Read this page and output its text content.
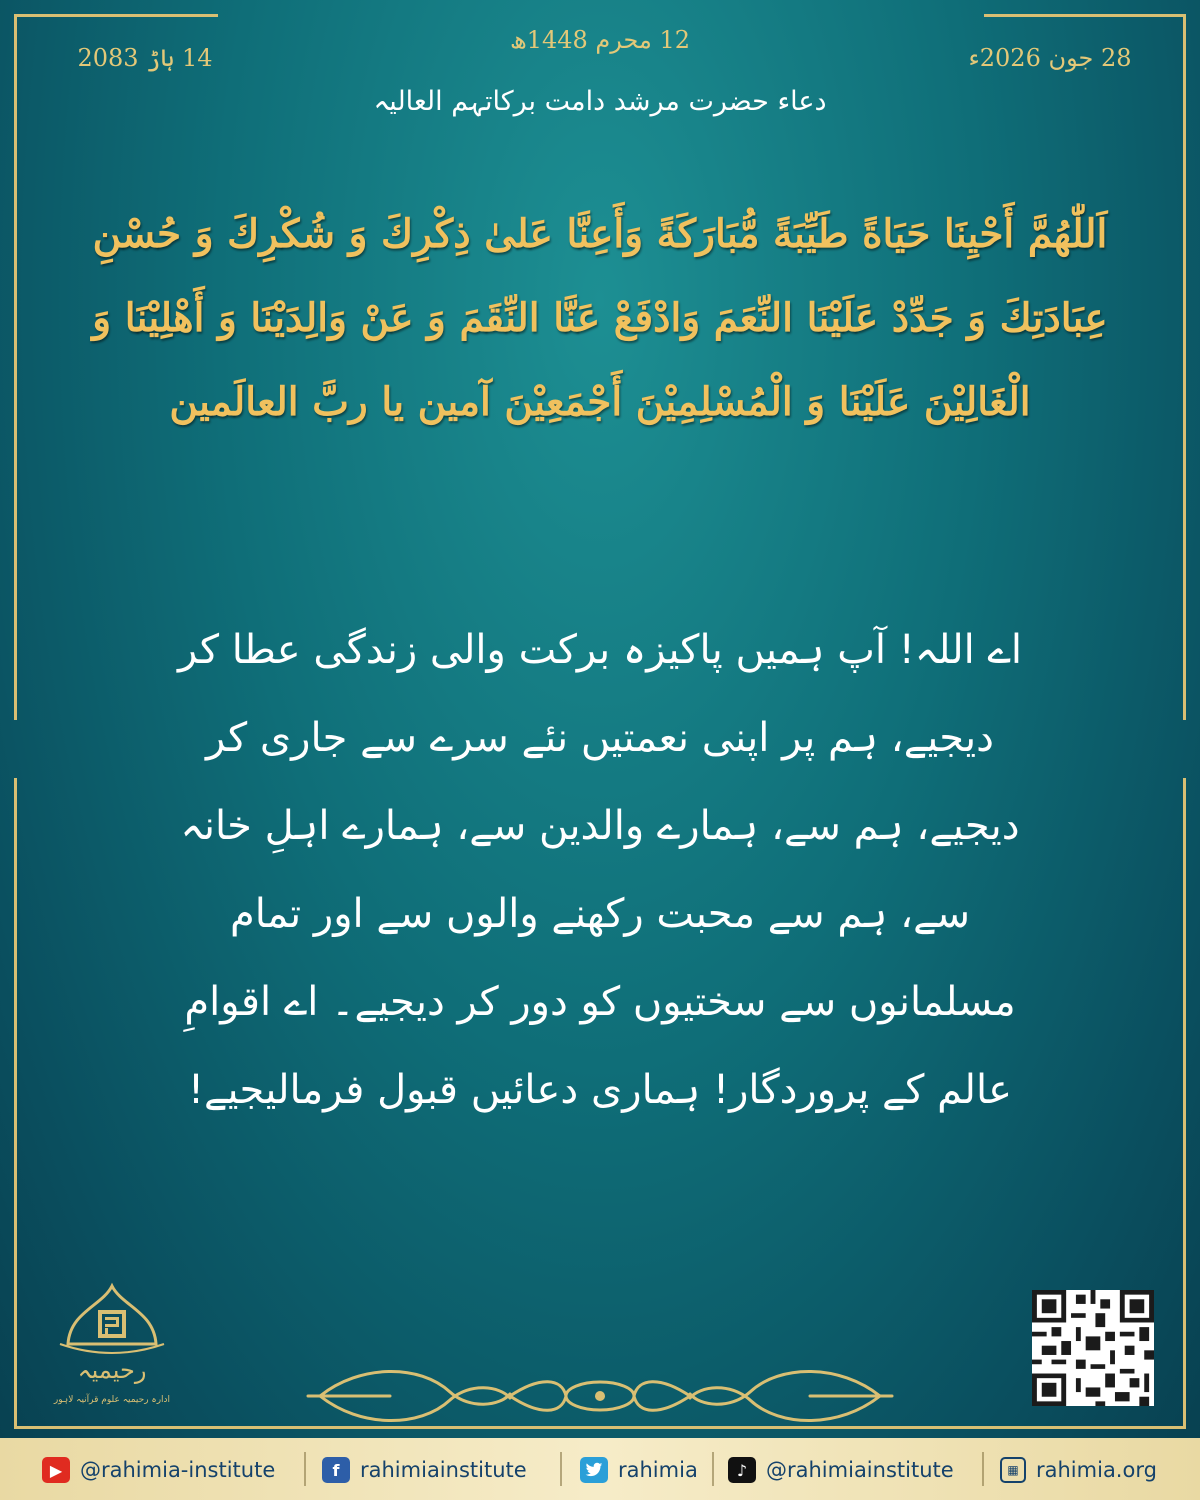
12 محرم 1448ھ
14 ہاڑ 2083	28 جون 2026ء
دعاء حضرت مرشد دامت برکاتہم العالیہ
اَللّٰهُمَّ أَحْيِنَا حَيَاةً طَيِّبَةً مُّبَارَكَةً وَأَعِنَّا عَلىٰ ذِكْرِكَ وَ شُكْرِكَ وَ حُسْنِ عِبَادَتِكَ وَ جَدِّدْ عَلَيْنَا النِّعَمَ وَادْفَعْ عَنَّا النِّقَمَ وَ عَنْ وَالِدَيْنَا وَ أَهْلِيْنَا وَ الْغَالِيْنَ عَلَيْنَا وَ الْمُسْلِمِيْنَ أَجْمَعِيْنَ آمين يا ربَّ العالَمين
اے اللہ! آپ ہمیں پاکیزہ برکت والی زندگی عطا کر دیجیے، ہم پر اپنی نعمتیں نئے سرے سے جاری کر دیجیے، ہم سے، ہمارے والدین سے، ہمارے اہلِ خانہ سے، ہم سے محبت رکھنے والوں سے اور تمام مسلمانوں سے سختیوں کو دور کر دیجیے۔ اے اقوامِ عالم کے پروردگار! ہماری دعائیں قبول فرمالیجیے!
رحیمیہ
ادارہ رحیمیہ علوم قرآنیہ لاہور
▶ @rahimia-institute	f rahimiainstitute	rahimia	♪ @rahimiainstitute	▦ rahimia.org
